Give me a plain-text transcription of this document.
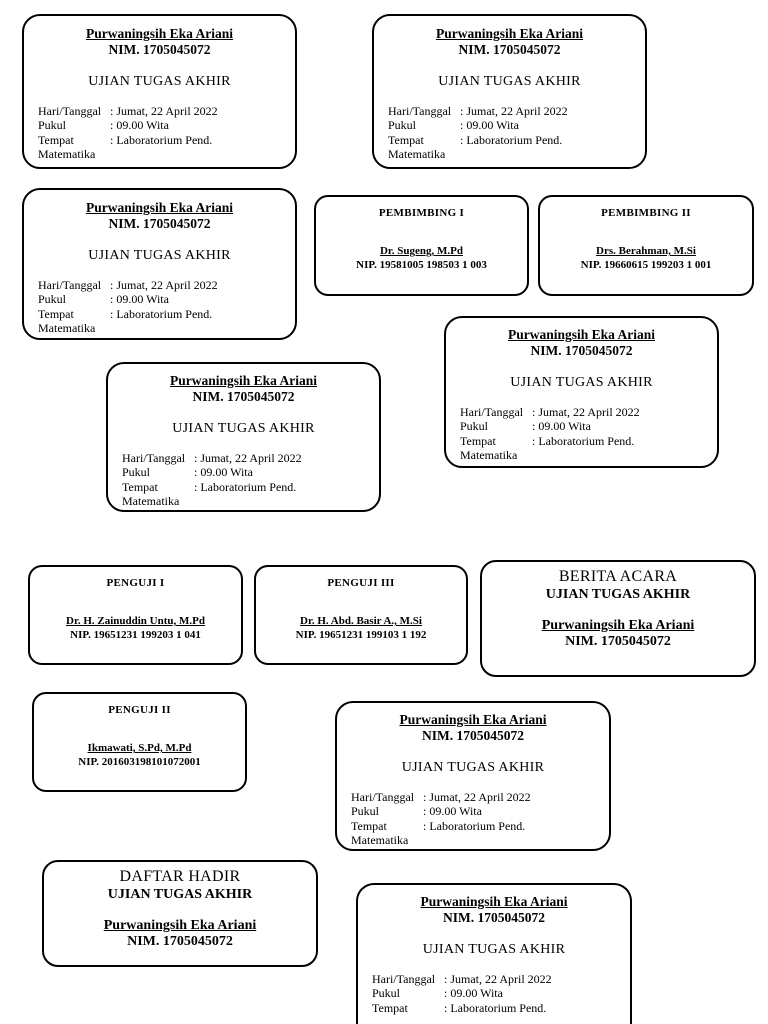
Purwaningsih Eka Ariani
NIM. 1705045072
UJIAN TUGAS AKHIR
Hari/Tanggal : Jumat, 22 April 2022
Pukul	: 09.00 Wita
Tempat	: Laboratorium Pend.
Matematika
Purwaningsih Eka Ariani
NIM. 1705045072
UJIAN TUGAS AKHIR
Hari/Tanggal : Jumat, 22 April 2022
Pukul	: 09.00 Wita
Tempat	: Laboratorium Pend.
Matematika
Purwaningsih Eka Ariani
NIM. 1705045072
UJIAN TUGAS AKHIR
Hari/Tanggal : Jumat, 22 April 2022
Pukul	: 09.00 Wita
Tempat	: Laboratorium Pend.
Matematika
PEMBIMBING I
Dr. Sugeng, M.Pd
NIP. 19581005 198503 1 003
PEMBIMBING II
Drs. Berahman, M.Si
NIP. 19660615 199203 1 001
Purwaningsih Eka Ariani
NIM. 1705045072
UJIAN TUGAS AKHIR
Hari/Tanggal : Jumat, 22 April 2022
Pukul	: 09.00 Wita
Tempat	: Laboratorium Pend.
Matematika
Purwaningsih Eka Ariani
NIM. 1705045072
UJIAN TUGAS AKHIR
Hari/Tanggal : Jumat, 22 April 2022
Pukul	: 09.00 Wita
Tempat	: Laboratorium Pend.
Matematika
PENGUJI I
Dr. H. Zainuddin Untu, M.Pd
NIP. 19651231 199203 1 041
PENGUJI III
Dr. H. Abd. Basir A., M.Si
NIP. 19651231 199103 1 192
BERITA ACARA
UJIAN TUGAS AKHIR
Purwaningsih Eka Ariani
NIM. 1705045072
PENGUJI II
Ikmawati, S.Pd, M.Pd
NIP. 201603198101072001
Purwaningsih Eka Ariani
NIM. 1705045072
UJIAN TUGAS AKHIR
Hari/Tanggal : Jumat, 22 April 2022
Pukul	: 09.00 Wita
Tempat	: Laboratorium Pend.
Matematika
DAFTAR HADIR
UJIAN TUGAS AKHIR
Purwaningsih Eka Ariani
NIM. 1705045072
Purwaningsih Eka Ariani
NIM. 1705045072
UJIAN TUGAS AKHIR
Hari/Tanggal : Jumat, 22 April 2022
Pukul	: 09.00 Wita
Tempat	: Laboratorium Pend.
